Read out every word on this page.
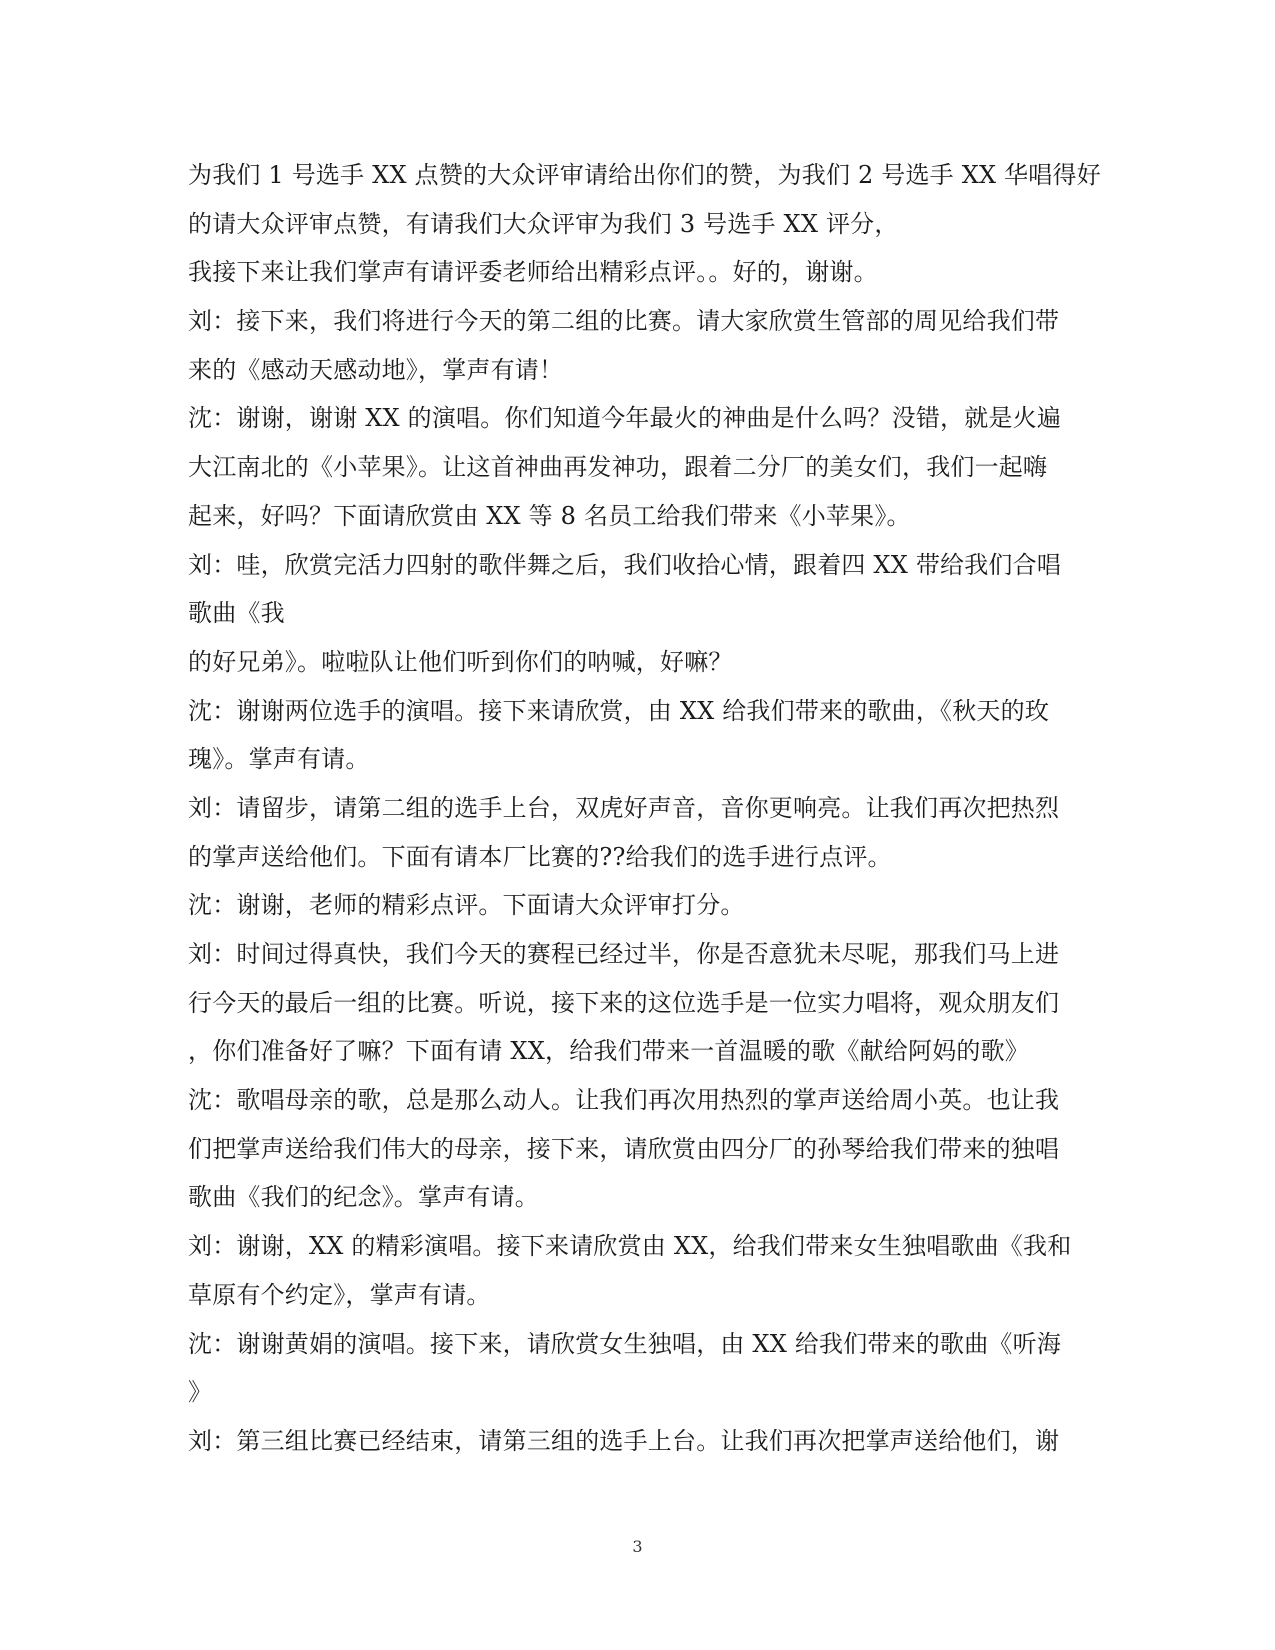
为我们 1 号选手 XX 点赞的大众评审请给出你们的赞，为我们 2 号选手 XX 华唱得好
的请大众评审点赞，有请我们大众评审为我们 3 号选手 XX 评分，
我接下来让我们掌声有请评委老师给出精彩点评。。好的，谢谢。
刘：接下来，我们将进行今天的第二组的比赛。请大家欣赏生管部的周见给我们带
来的《感动天感动地》，掌声有请！
沈：谢谢，谢谢 XX 的演唱。你们知道今年最火的神曲是什么吗？没错，就是火遍
大江南北的《小苹果》。让这首神曲再发神功，跟着二分厂的美女们，我们一起嗨
起来，好吗？下面请欣赏由 XX 等 8 名员工给我们带来《小苹果》。
刘：哇，欣赏完活力四射的歌伴舞之后，我们收拾心情，跟着四 XX 带给我们合唱
歌曲《我
的好兄弟》。啦啦队让他们听到你们的呐喊，好嘛？
沈：谢谢两位选手的演唱。接下来请欣赏，由 XX 给我们带来的歌曲，《秋天的玫
瑰》。掌声有请。
刘：请留步，请第二组的选手上台，双虎好声音，音你更响亮。让我们再次把热烈
的掌声送给他们。下面有请本厂比赛的??给我们的选手进行点评。
沈：谢谢，老师的精彩点评。下面请大众评审打分。
刘：时间过得真快，我们今天的赛程已经过半，你是否意犹未尽呢，那我们马上进
行今天的最后一组的比赛。听说，接下来的这位选手是一位实力唱将，观众朋友们
，你们准备好了嘛？下面有请 XX，给我们带来一首温暖的歌《献给阿妈的歌》
沈：歌唱母亲的歌，总是那么动人。让我们再次用热烈的掌声送给周小英。也让我
们把掌声送给我们伟大的母亲，接下来，请欣赏由四分厂的孙琴给我们带来的独唱
歌曲《我们的纪念》。掌声有请。
刘：谢谢，XX 的精彩演唱。接下来请欣赏由 XX，给我们带来女生独唱歌曲《我和
草原有个约定》，掌声有请。
沈：谢谢黄娟的演唱。接下来，请欣赏女生独唱，由 XX 给我们带来的歌曲《听海
》
刘：第三组比赛已经结束，请第三组的选手上台。让我们再次把掌声送给他们，谢
3
